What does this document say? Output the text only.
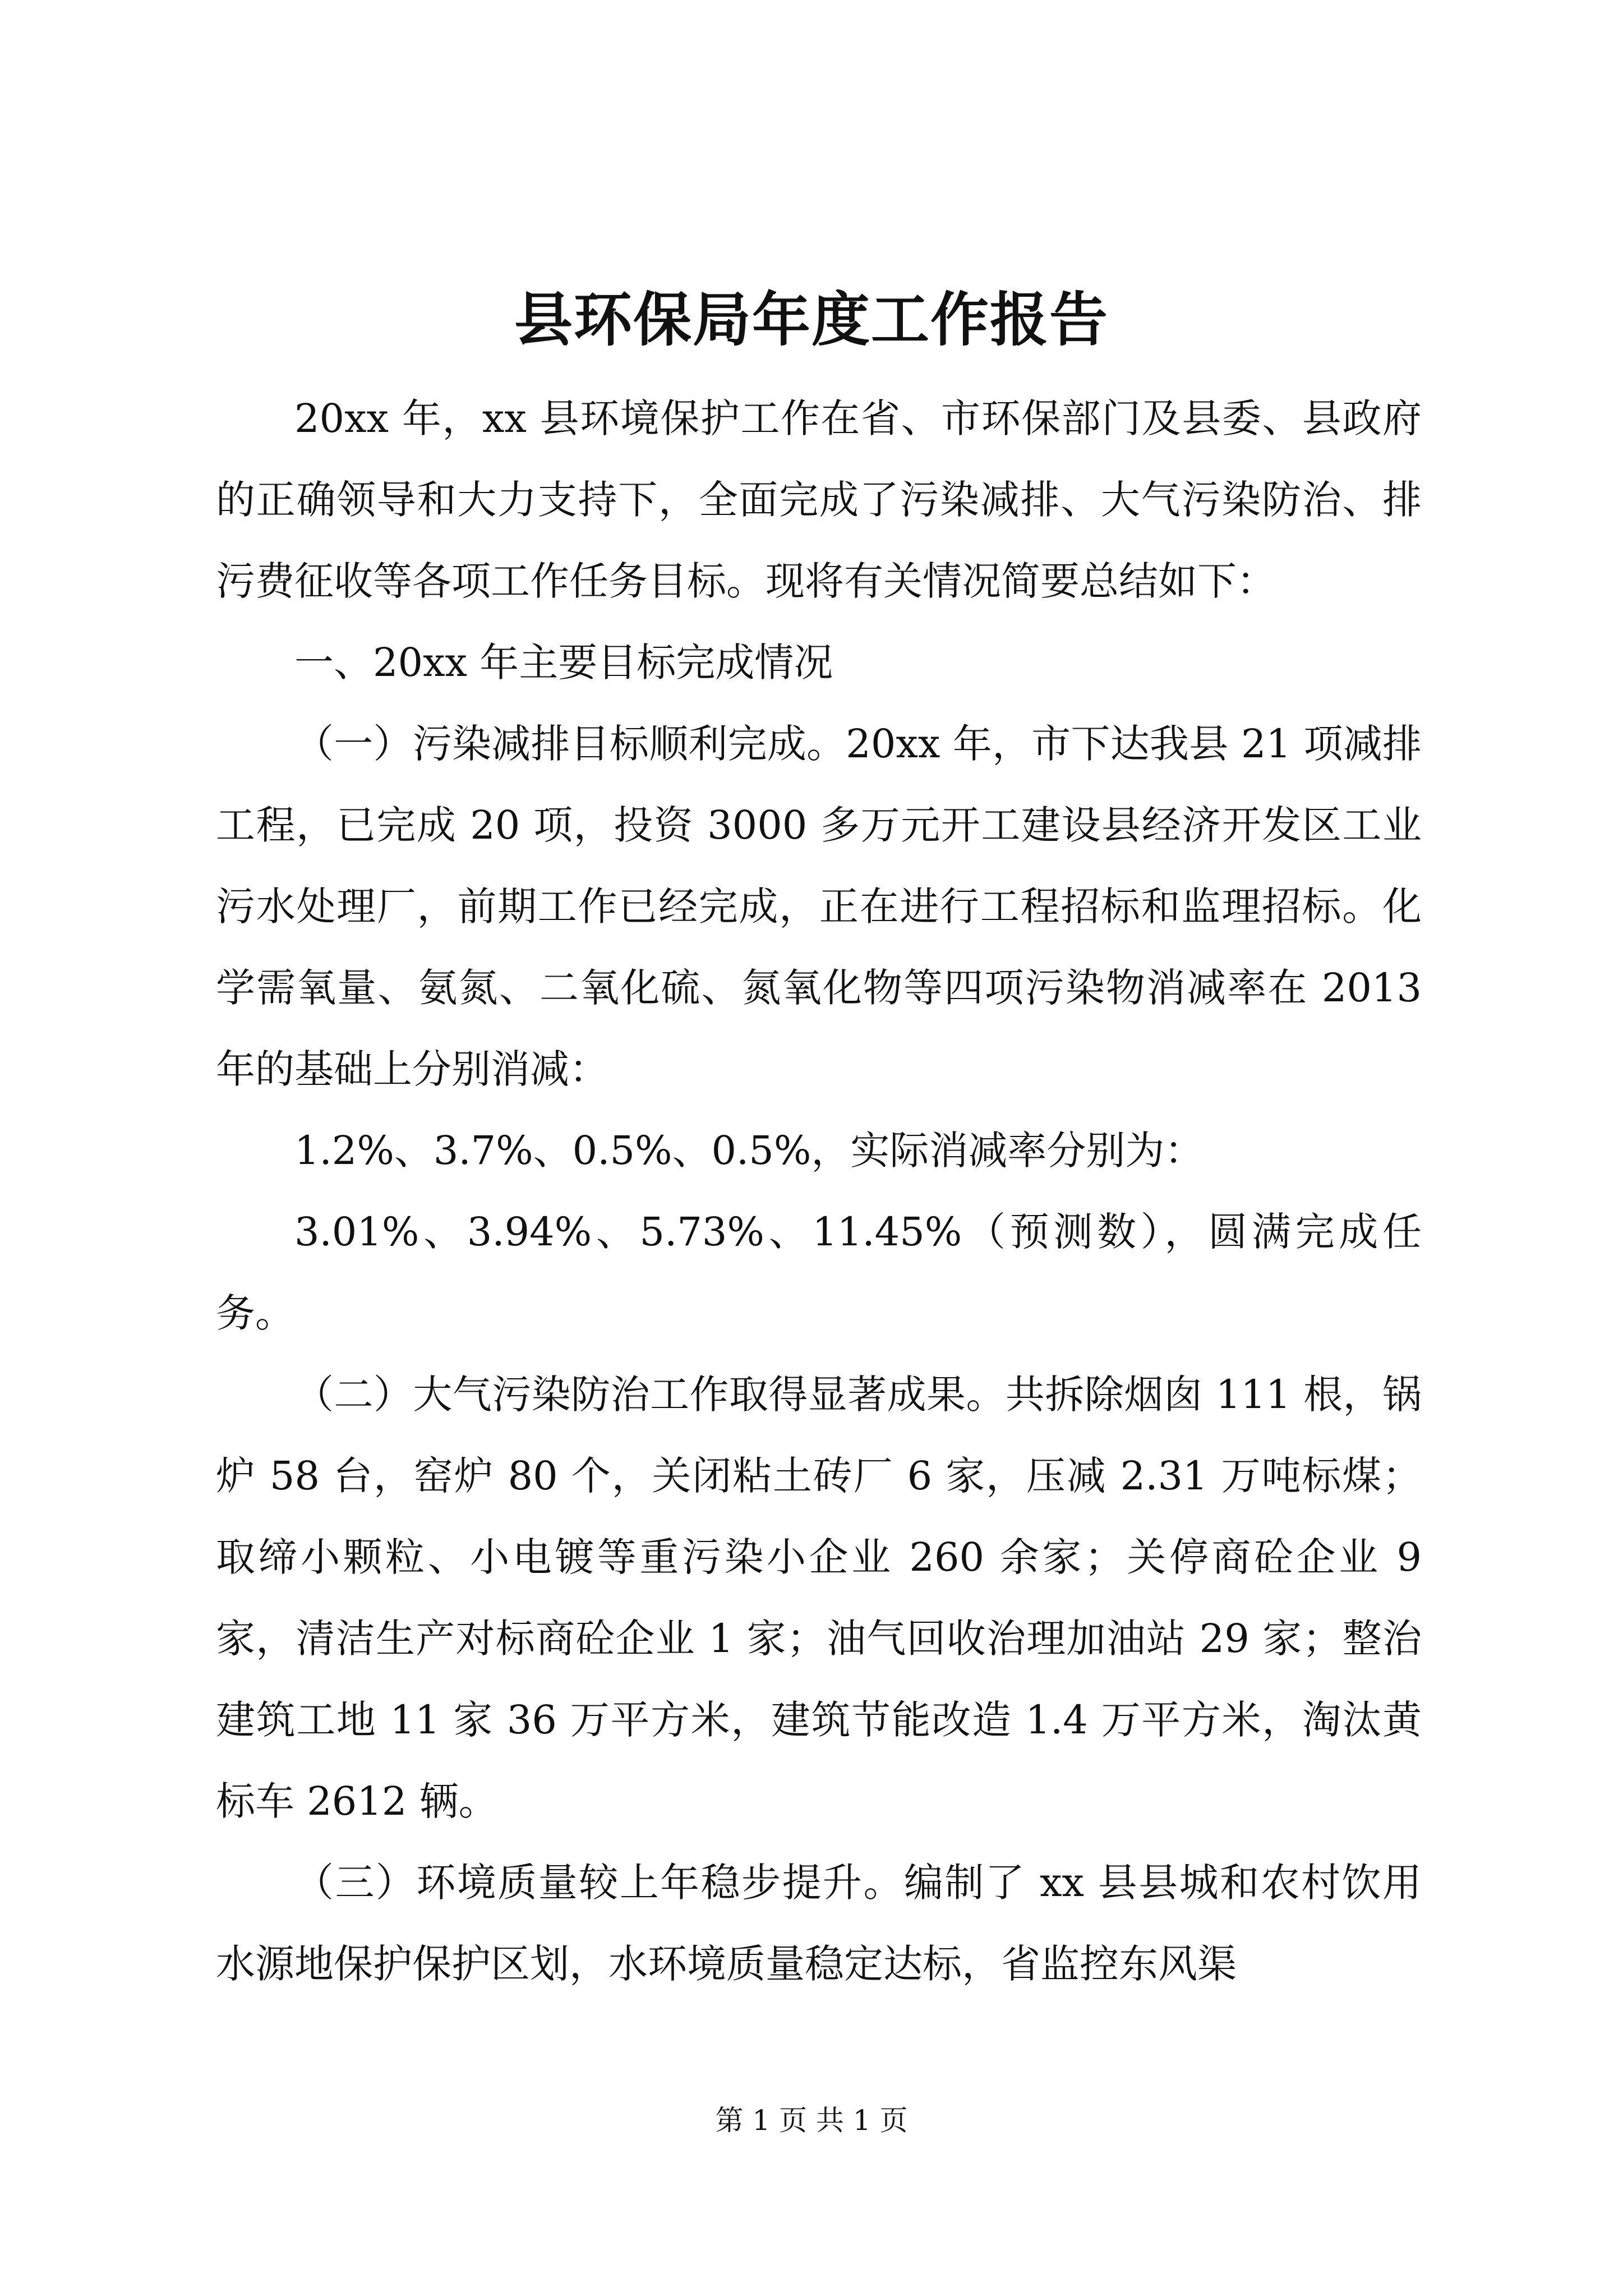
县环保局年度工作报告

20xx 年，xx 县环境保护工作在省、市环保部门及县委、县政府的正确领导和大力支持下，全面完成了污染减排、大气污染防治、排污费征收等各项工作任务目标。现将有关情况简要总结如下：

一、20xx 年主要目标完成情况

（一）污染减排目标顺利完成。20xx 年，市下达我县 21 项减排工程，已完成 20 项，投资 3000 多万元开工建设县经济开发区工业污水处理厂，前期工作已经完成，正在进行工程招标和监理招标。化学需氧量、氨氮、二氧化硫、氮氧化物等四项污染物消减率在 2013 年的基础上分别消减：

1.2%、3.7%、0.5%、0.5%，实际消减率分别为：

3.01%、3.94%、5.73%、11.45%（预测数），圆满完成任务。

（二）大气污染防治工作取得显著成果。共拆除烟囱 111 根，锅炉 58 台，窑炉 80 个，关闭粘土砖厂 6 家，压减 2.31 万吨标煤；取缔小颗粒、小电镀等重污染小企业 260 余家；关停商砼企业 9 家，清洁生产对标商砼企业 1 家；油气回收治理加油站 29 家；整治建筑工地 11 家 36 万平方米，建筑节能改造 1.4 万平方米，淘汰黄标车 2612 辆。

（三）环境质量较上年稳步提升。编制了 xx 县县城和农村饮用水源地保护保护区划，水环境质量稳定达标，省监控东风渠

第 1 页 共 1 页
